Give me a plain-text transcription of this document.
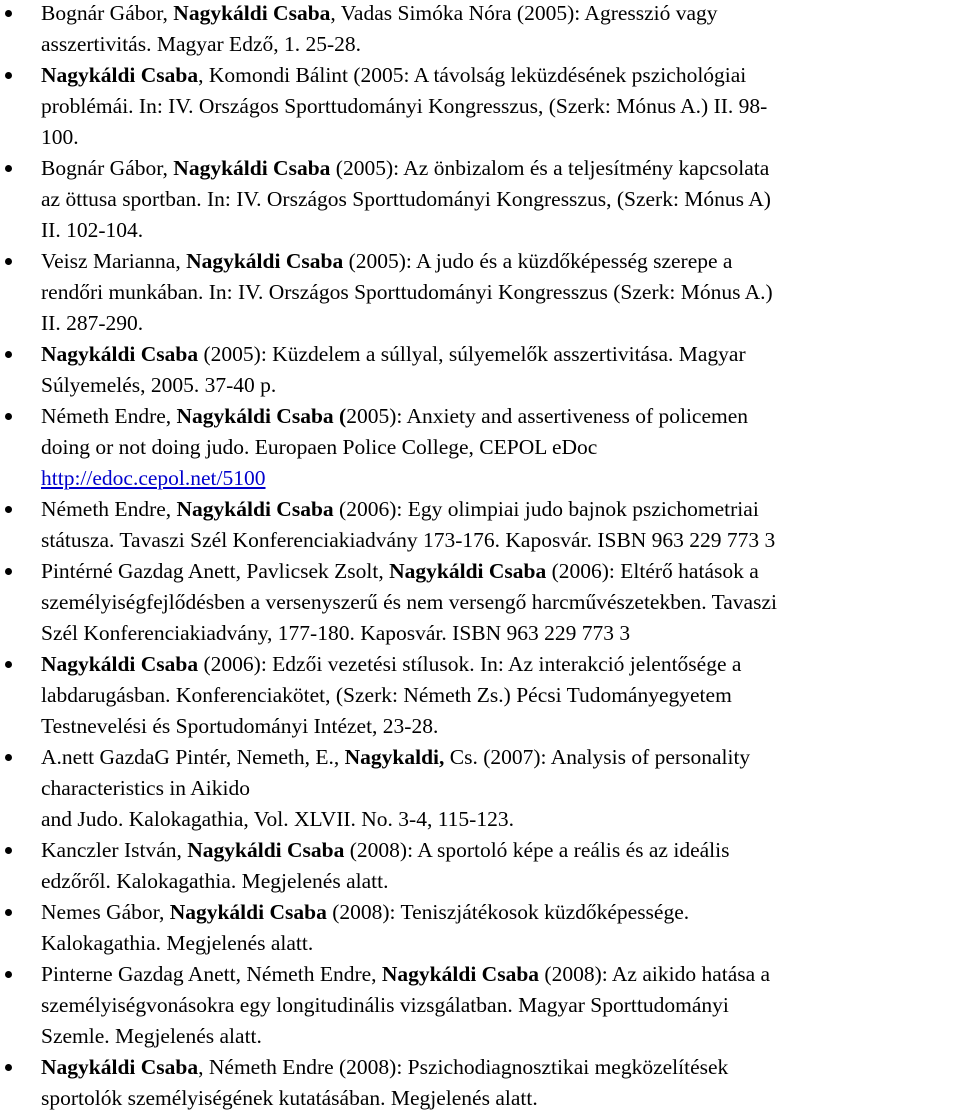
Bognár Gábor, Nagykáldi Csaba, Vadas Simóka Nóra (2005): Agresszió vagy
asszertivitás. Magyar Edző, 1. 25-28.
Nagykáldi Csaba, Komondi Bálint (2005: A távolság leküzdésének pszichológiai
problémái. In: IV. Országos Sporttudományi Kongresszus, (Szerk: Mónus A.) II. 98-
100.
Bognár Gábor, Nagykáldi Csaba (2005): Az önbizalom és a teljesítmény kapcsolata
az öttusa sportban. In: IV. Országos Sporttudományi Kongresszus, (Szerk: Mónus A)
II. 102-104.
Veisz Marianna, Nagykáldi Csaba (2005): A judo és a küzdőképesség szerepe a
rendőri munkában. In: IV. Országos Sporttudományi Kongresszus (Szerk: Mónus A.)
II. 287-290.
Nagykáldi Csaba (2005): Küzdelem a súllyal, súlyemelők asszertivitása. Magyar
Súlyemelés, 2005. 37-40 p.
Németh Endre, Nagykáldi Csaba (2005): Anxiety and assertiveness of policemen
doing or not doing judo. Europaen Police College, CEPOL eDoc
http://edoc.cepol.net/5100
Németh Endre, Nagykáldi Csaba (2006): Egy olimpiai judo bajnok pszichometriai
státusza. Tavaszi Szél Konferenciakiadvány 173-176. Kaposvár. ISBN 963 229 773 3
Pintérné Gazdag Anett, Pavlicsek Zsolt, Nagykáldi Csaba (2006): Eltérő hatások a
személyiségfejlődésben a versenyszerű és nem versengő harcművészetekben. Tavaszi
Szél Konferenciakiadvány, 177-180. Kaposvár. ISBN 963 229 773 3
Nagykáldi Csaba (2006): Edzői vezetési stílusok. In: Az interakció jelentősége a
labdarugásban. Konferenciakötet, (Szerk: Németh Zs.) Pécsi Tudományegyetem
Testnevelési és Sportudományi Intézet, 23-28.
A.nett GazdaG Pintér, Nemeth, E., Nagykaldi, Cs. (2007): Analysis of personality
characteristics in Aikido
and Judo. Kalokagathia, Vol. XLVII. No. 3-4, 115-123.
Kanczler István, Nagykáldi Csaba (2008): A sportoló képe a reális és az ideális
edzőről. Kalokagathia. Megjelenés alatt.
Nemes Gábor, Nagykáldi Csaba (2008): Teniszjátékosok küzdőképessége.
Kalokagathia. Megjelenés alatt.
Pinterne Gazdag Anett, Németh Endre, Nagykáldi Csaba (2008): Az aikido hatása a
személyiségvonásokra egy longitudinális vizsgálatban. Magyar Sporttudományi
Szemle. Megjelenés alatt.
Nagykáldi Csaba, Németh Endre (2008): Pszichodiagnosztikai megközelítések
sportolók személyiségének kutatásában. Megjelenés alatt.
